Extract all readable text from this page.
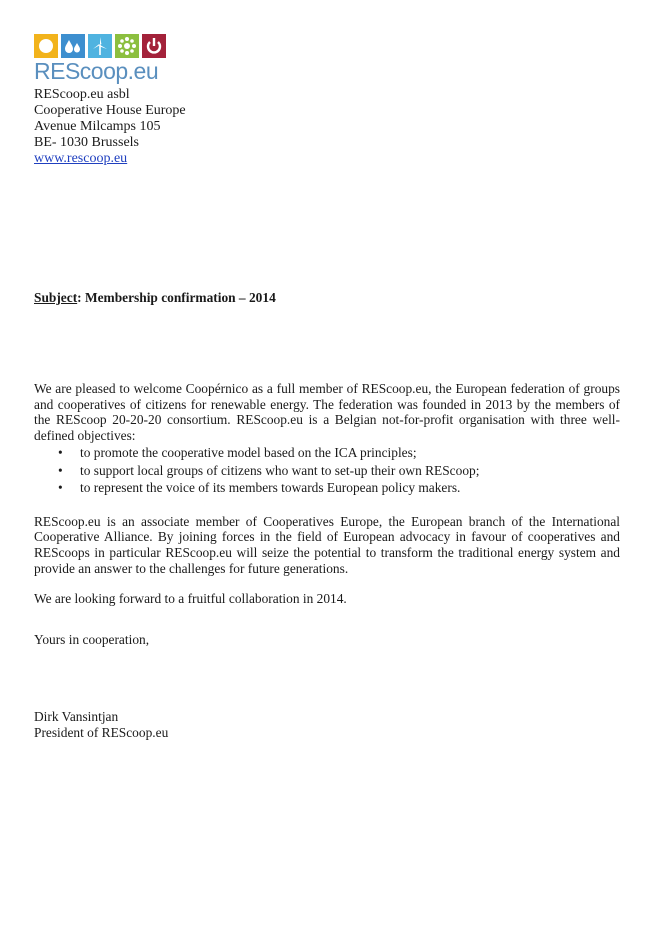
REScoop.eu
REScoop.eu asbl
Cooperative House Europe
Avenue Milcamps 105
BE- 1030 Brussels
www.rescoop.eu
Subject: Membership confirmation – 2014

We are pleased to welcome Coopérnico as a full member of REScoop.eu, the European federation of groups and cooperatives of citizens for renewable energy. The federation was founded in 2013 by the members of the REScoop 20-20-20 consortium. REScoop.eu is a Belgian not-for-profit organisation with three well-defined objectives:

• to promote the cooperative model based on the ICA principles;
• to support local groups of citizens who want to set-up their own REScoop;
• to represent the voice of its members towards European policy makers.

REScoop.eu is an associate member of Cooperatives Europe, the European branch of the International Cooperative Alliance. By joining forces in the field of European advocacy in favour of cooperatives and REScoops in particular REScoop.eu will seize the potential to transform the traditional energy system and provide an answer to the challenges for future generations.

We are looking forward to a fruitful collaboration in 2014.

Yours in cooperation,
Dirk Vansintjan
President of REScoop.eu
